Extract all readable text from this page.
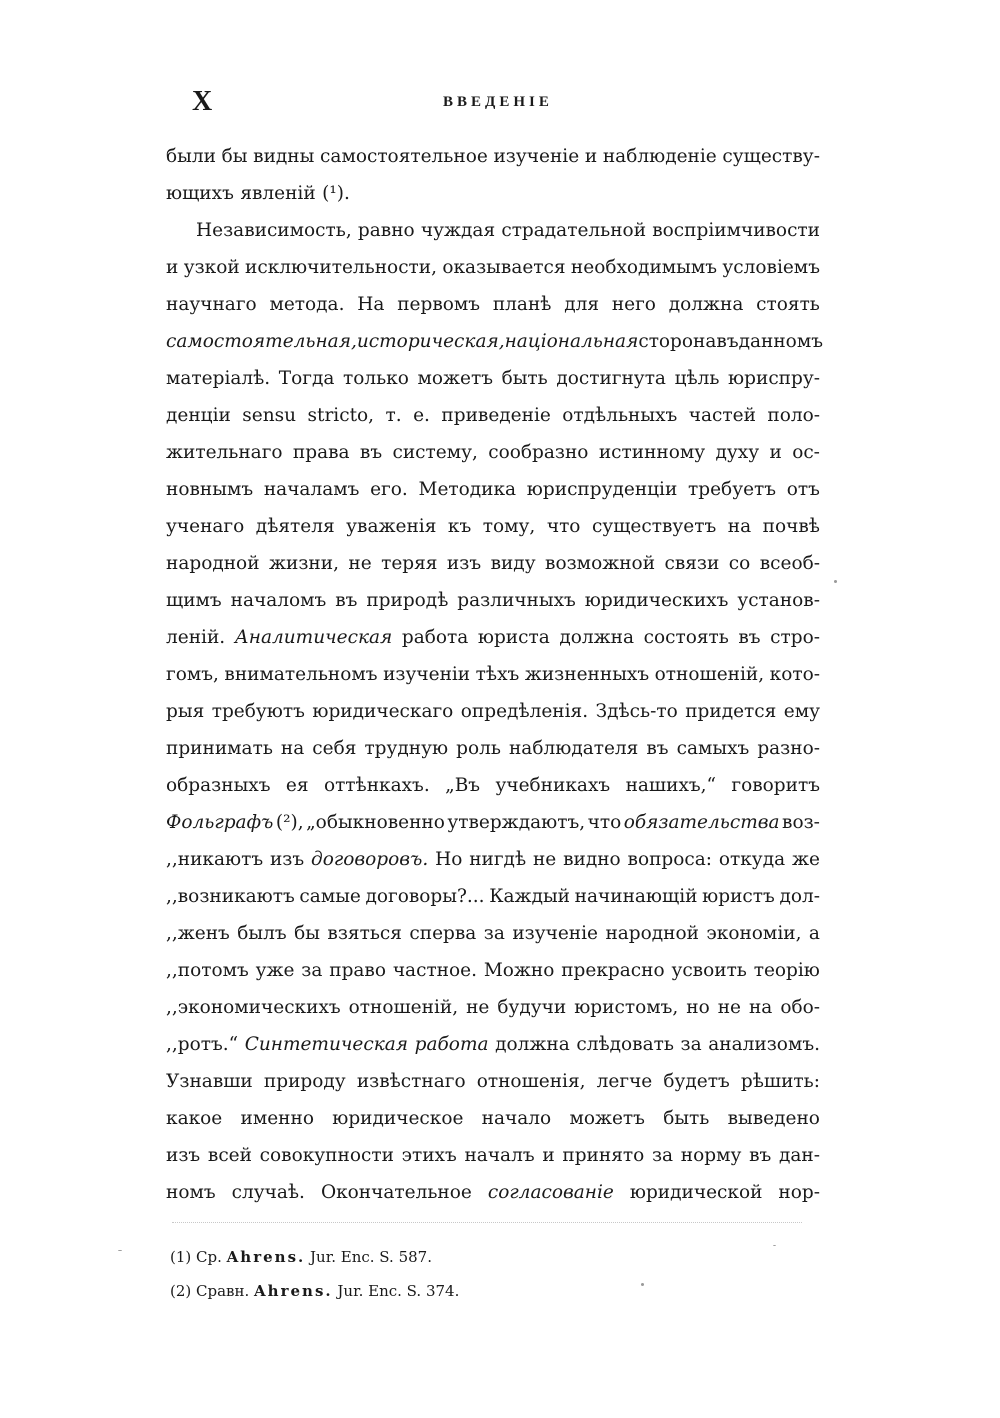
X	ВВЕДЕНІЕ
были бы видны самостоятельное изученіе и наблюденіе существу-
ющихъ явленій (¹).
Независимость, равно чуждая страдательной воспріимчивости
и узкой исключительности, оказывается необходимымъ условіемъ
научнаго метода. На первомъ планѣ для него должна стоять
самостоятельная, историческая, національная сторона въ данномъ
матеріалѣ. Тогда только можетъ быть достигнута цѣль юриспру-
денціи sensu stricto, т. е. приведеніе отдѣльныхъ частей поло-
жительнаго права въ систему, сообразно истинному духу и ос-
новнымъ началамъ его. Методика юриспруденціи требуетъ отъ
ученаго дѣятеля уваженія къ тому, что существуетъ на почвѣ
народной жизни, не теряя изъ виду возможной связи со всеоб-
щимъ началомъ въ природѣ различныхъ юридическихъ установ-
леній. Аналитическая работа юриста должна состоять въ стро-
гомъ, внимательномъ изученіи тѣхъ жизненныхъ отношеній, кото-
рыя требуютъ юридическаго опредѣленія. Здѣсь-то придется ему
принимать на себя трудную роль наблюдателя въ самыхъ разно-
образныхъ ея оттѣнкахъ. „Въ учебникахъ нашихъ,“ говоритъ
Фольграфъ (²), „обыкновенно утверждаютъ, что обязательства воз-
,,никаютъ изъ договоровъ. Но нигдѣ не видно вопроса: откуда же
,,возникаютъ самые договоры?... Каждый начинающій юристъ дол-
,,женъ былъ бы взяться сперва за изученіе народной экономіи, а
,,потомъ уже за право частное. Можно прекрасно усвоить теорію
,,экономическихъ отношеній, не будучи юристомъ, но не на обо-
,,ротъ.“ Синтетическая работа должна слѣдовать за анализомъ.
Узнавши природу извѣстнаго отношенія, легче будетъ рѣшить:
какое именно юридическое начало можетъ быть выведено
изъ всей совокупности этихъ началъ и принято за норму въ дан-
номъ случаѣ. Окончательное согласованіе юридической нор-
(1) Ср. Ahrens. Jur. Enc. S. 587.
(2) Сравн. Ahrens. Jur. Enc. S. 374.
